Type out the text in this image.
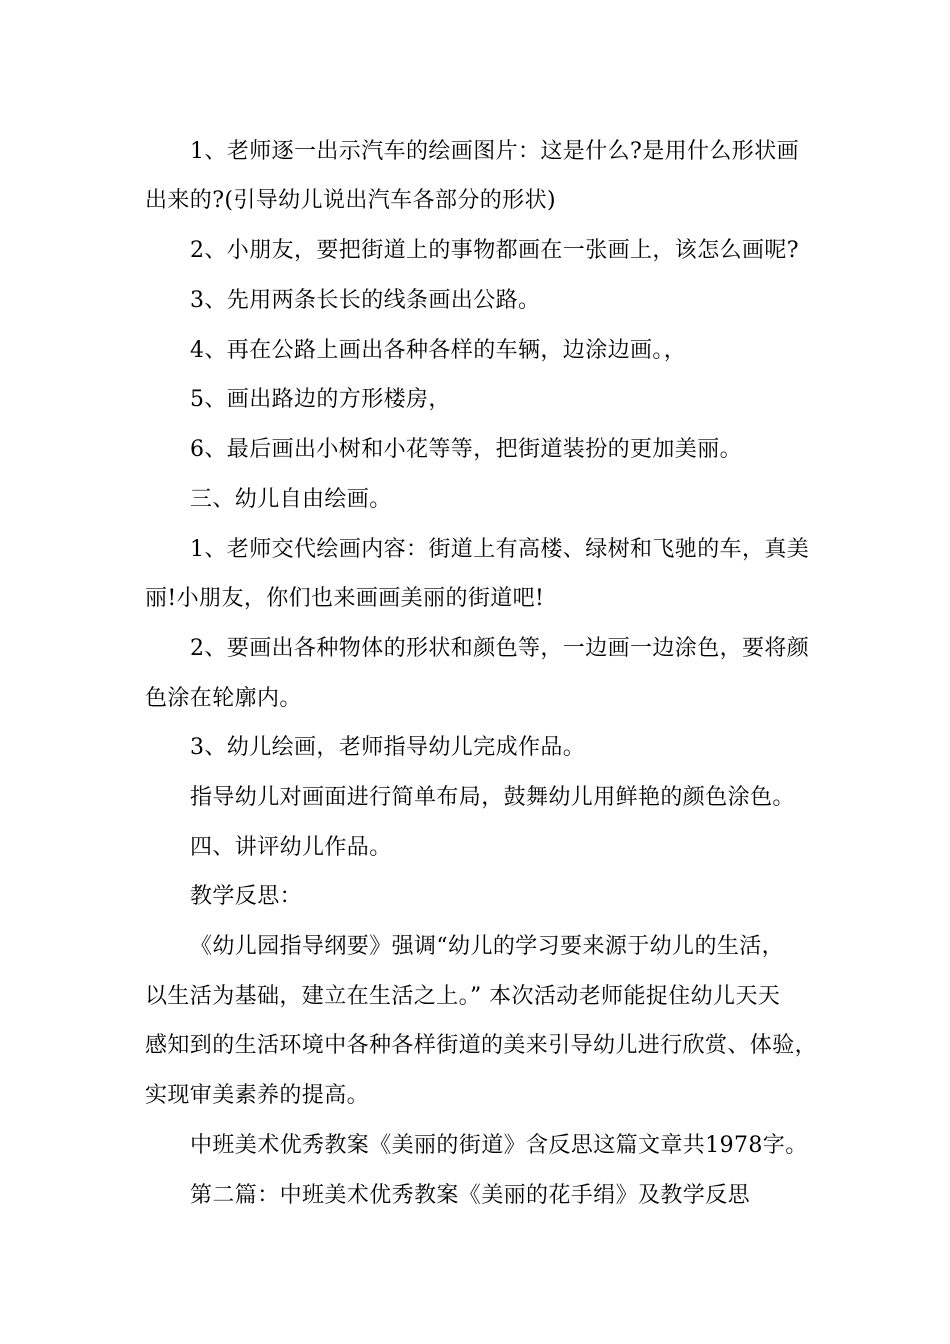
1、老师逐一出示汽车的绘画图片：这是什么?是用什么形状画
出来的?(引导幼儿说出汽车各部分的形状)
2、小朋友，要把街道上的事物都画在一张画上，该怎么画呢?
3、先用两条长长的线条画出公路。
4、再在公路上画出各种各样的车辆，边涂边画。，
5、画出路边的方形楼房，
6、最后画出小树和小花等等，把街道装扮的更加美丽。
三、幼儿自由绘画。
1、老师交代绘画内容：街道上有高楼、绿树和飞驰的车，真美
丽!小朋友，你们也来画画美丽的街道吧!
2、要画出各种物体的形状和颜色等，一边画一边涂色，要将颜
色涂在轮廓内。
3、幼儿绘画，老师指导幼儿完成作品。
指导幼儿对画面进行简单布局，鼓舞幼儿用鲜艳的颜色涂色。
四、讲评幼儿作品。
教学反思：
《幼儿园指导纲要》强调“幼儿的学习要来源于幼儿的生活，
以生活为基础，建立在生活之上。” 本次活动老师能捉住幼儿天天
感知到的生活环境中各种各样街道的美来引导幼儿进行欣赏、体验，
实现审美素养的提高。
中班美术优秀教案《美丽的街道》含反思这篇文章共1978字。
第二篇：中班美术优秀教案《美丽的花手绢》及教学反思
